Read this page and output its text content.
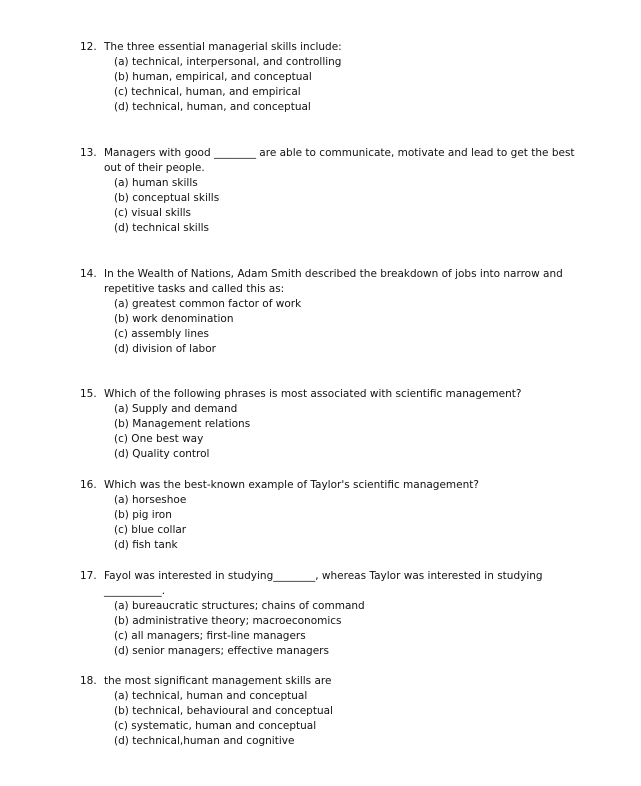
12. The three essential managerial skills include:
(a) technical, interpersonal, and controlling
(b) human, empirical, and conceptual
(c) technical, human, and empirical
(d) technical, human, and conceptual
13. Managers with good ________ are able to communicate, motivate and lead to get the best out of their people.
(a) human skills
(b) conceptual skills
(c) visual skills
(d) technical skills
14. In the Wealth of Nations, Adam Smith described the breakdown of jobs into narrow and repetitive tasks and called this as:
(a) greatest common factor of work
(b) work denomination
(c) assembly lines
(d) division of labor
15. Which of the following phrases is most associated with scientific management?
(a) Supply and demand
(b) Management relations
(c) One best way
(d) Quality control
16. Which was the best-known example of Taylor's scientific management?
(a) horseshoe
(b) pig iron
(c) blue collar
(d) fish tank
17. Fayol was interested in studying________, whereas Taylor was interested in studying ___________.
(a) bureaucratic structures; chains of command
(b) administrative theory; macroeconomics
(c) all managers; first-line managers
(d) senior managers; effective managers
18. the most significant management skills are
(a) technical, human and conceptual
(b) technical, behavioural and conceptual
(c) systematic, human and conceptual
(d) technical,human and cognitive
